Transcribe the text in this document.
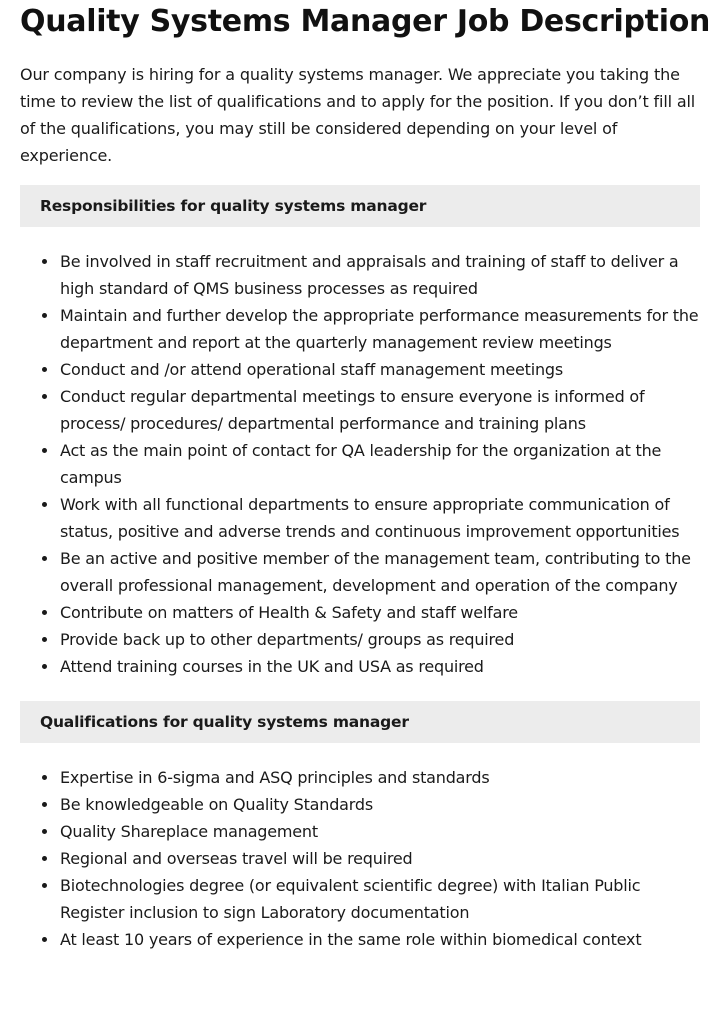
Quality Systems Manager Job Description

Our company is hiring for a quality systems manager. We appreciate you taking the time to review the list of qualifications and to apply for the position. If you don’t fill all of the qualifications, you may still be considered depending on your level of experience.

Responsibilities for quality systems manager
Be involved in staff recruitment and appraisals and training of staff to deliver a high standard of QMS business processes as required
Maintain and further develop the appropriate performance measurements for the department and report at the quarterly management review meetings
Conduct and /or attend operational staff management meetings
Conduct regular departmental meetings to ensure everyone is informed of process/ procedures/ departmental performance and training plans
Act as the main point of contact for QA leadership for the organization at the campus
Work with all functional departments to ensure appropriate communication of status, positive and adverse trends and continuous improvement opportunities
Be an active and positive member of the management team, contributing to the overall professional management, development and operation of the company
Contribute on matters of Health & Safety and staff welfare
Provide back up to other departments/ groups as required
Attend training courses in the UK and USA as required
Qualifications for quality systems manager
Expertise in 6-sigma and ASQ principles and standards
Be knowledgeable on Quality Standards
Quality Shareplace management
Regional and overseas travel will be required
Biotechnologies degree (or equivalent scientific degree) with Italian Public Register inclusion to sign Laboratory documentation
At least 10 years of experience in the same role within biomedical context
